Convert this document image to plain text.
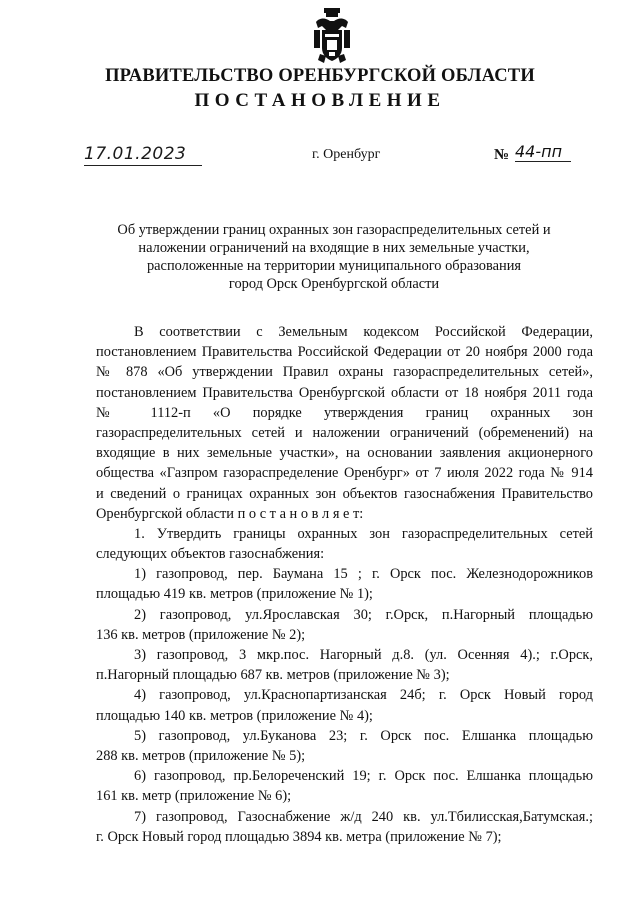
ПРАВИТЕЛЬСТВО ОРЕНБУРГСКОЙ ОБЛАСТИ
ПОСТАНОВЛЕНИЕ
17.01.2023	г. Оренбург	№ 44-пп
Об утверждении границ охранных зон газораспределительных сетей и
наложении ограничений на входящие в них земельные участки,
расположенные на территории муниципального образования
город Орск Оренбургской области
В соответствии с Земельным кодексом Российской Федерации,
постановлением Правительства Российской Федерации от 20 ноября 2000 года
№ 878 «Об утверждении Правил охраны газораспределительных сетей»,
постановлением Правительства Оренбургской области от 18 ноября 2011 года
№ 1112-п «О порядке утверждения границ охранных зон
газораспределительных сетей и наложении ограничений (обременений) на
входящие в них земельные участки», на основании заявления акционерного
общества «Газпром газораспределение Оренбург» от 7 июля 2022 года № 914
и сведений о границах охранных зон объектов газоснабжения Правительство
Оренбургской области п о с т а н о в л я е т:
1. Утвердить границы охранных зон газораспределительных сетей
следующих объектов газоснабжения:
1) газопровод, пер. Баумана 15 ; г. Орск пос. Железнодорожников
площадью 419 кв. метров (приложение № 1);
2) газопровод, ул.Ярославская 30; г.Орск, п.Нагорный площадью
136 кв. метров (приложение № 2);
3) газопровод, 3 мкр.пос. Нагорный д.8. (ул. Осенняя 4).; г.Орск,
п.Нагорный площадью 687 кв. метров (приложение № 3);
4) газопровод, ул.Краснопартизанская 24б; г. Орск Новый город
площадью 140 кв. метров (приложение № 4);
5) газопровод, ул.Буканова 23; г. Орск пос. Елшанка площадью
288 кв. метров (приложение № 5);
6) газопровод, пр.Белореченский 19; г. Орск пос. Елшанка площадью
161 кв. метр (приложение № 6);
7) газопровод, Газоснабжение ж/д 240 кв. ул.Тбилисская,Батумская.;
г. Орск Новый город площадью 3894 кв. метра (приложение № 7);
